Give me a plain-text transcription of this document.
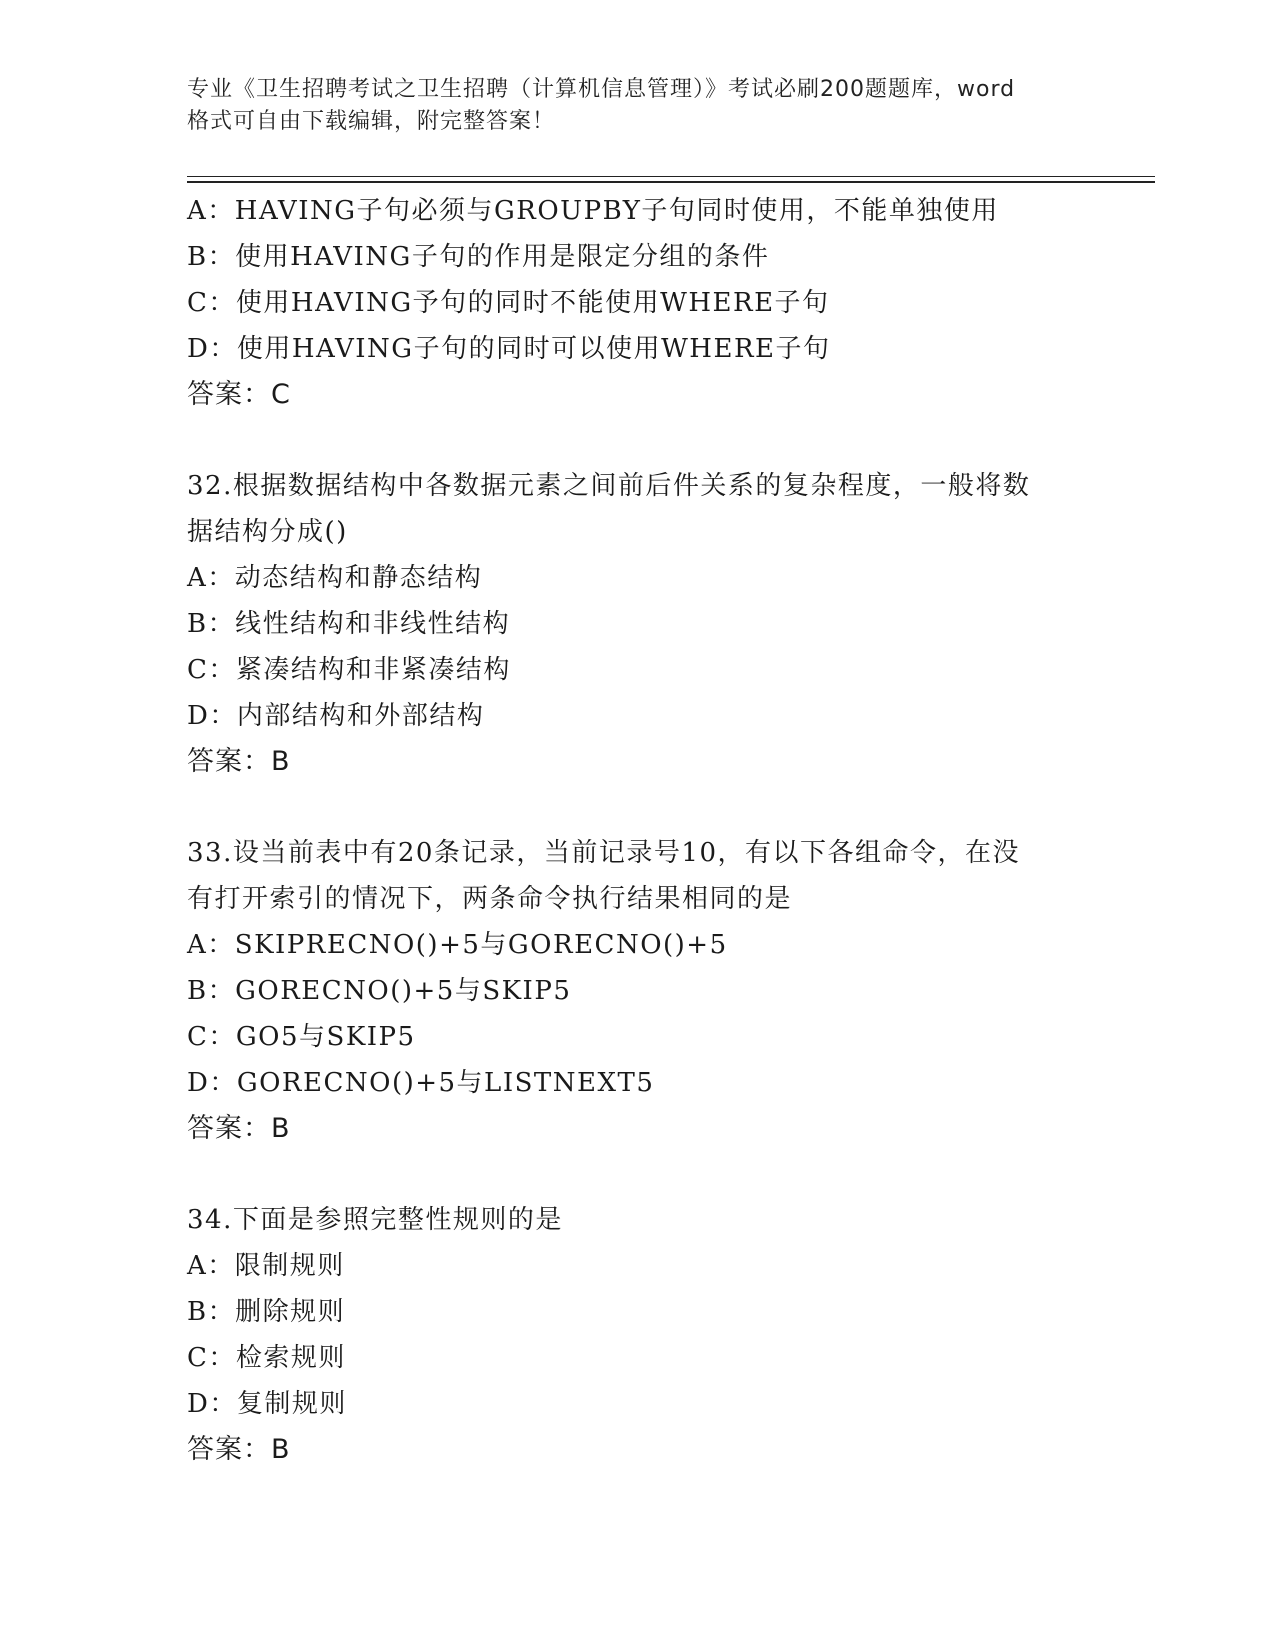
专业《卫生招聘考试之卫生招聘（计算机信息管理）》考试必刷200题题库，word
格式可自由下载编辑，附完整答案！
A：HAVING子句必须与GROUPBY子句同时使用，不能单独使用
B：使用HAVING子句的作用是限定分组的条件
C：使用HAVING予句的同时不能使用WHERE子句
D：使用HAVING子句的同时可以使用WHERE子句
答案：C
32.根据数据结构中各数据元素之间前后件关系的复杂程度，一般将数
据结构分成()
A：动态结构和静态结构
B：线性结构和非线性结构
C：紧凑结构和非紧凑结构
D：内部结构和外部结构
答案：B
33.设当前表中有20条记录，当前记录号10，有以下各组命令，在没
有打开索引的情况下，两条命令执行结果相同的是
A：SKIPRECNO()+5与GORECNO()+5
B：GORECNO()+5与SKIP5
C：GO5与SKIP5
D：GORECNO()+5与LISTNEXT5
答案：B
34.下面是参照完整性规则的是
A：限制规则
B：删除规则
C：检索规则
D：复制规则
答案：B
